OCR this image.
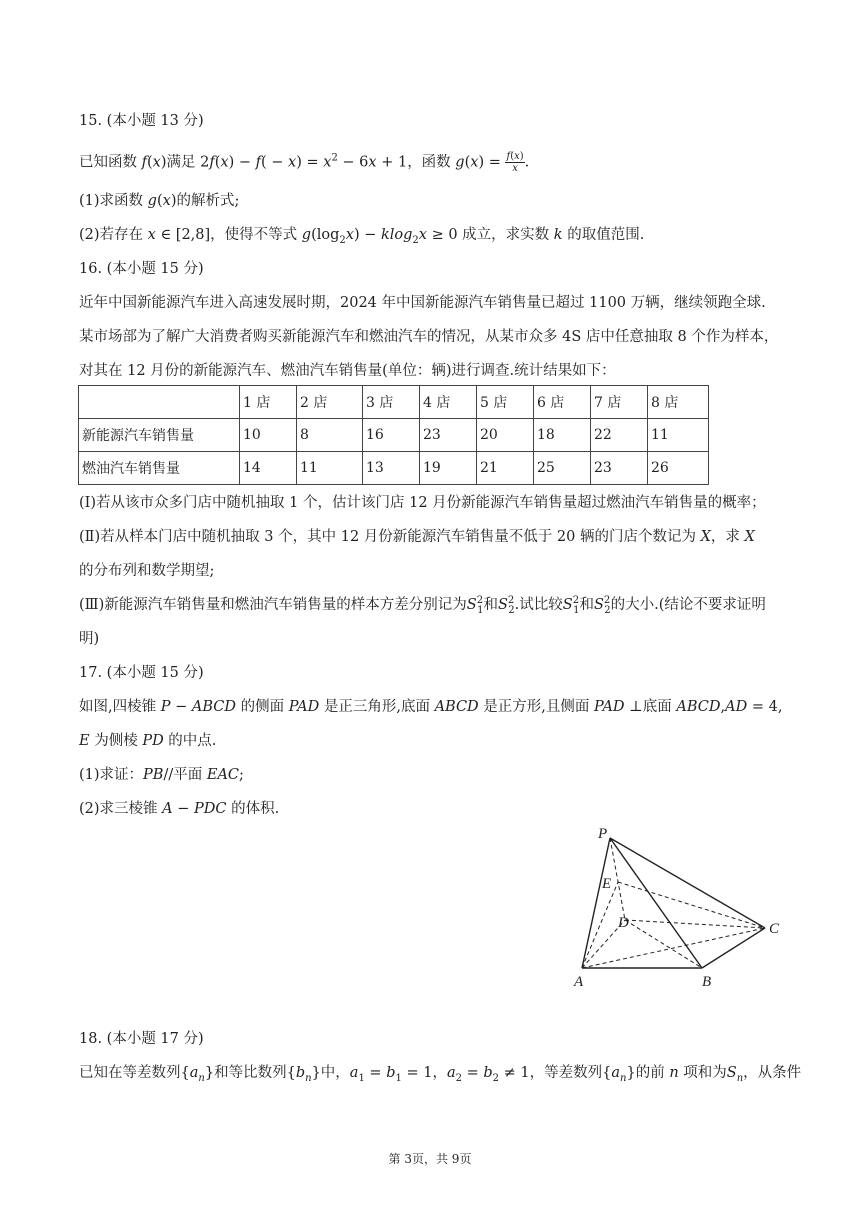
15. (本小题 13 分)
已知函数 f(x)满足 $2f(x) - f( - x) = x^2 - 6x + 1$，函数 $g(x) = \frac{f(x)}{x}$ .
(1)求函数 g(x)的解析式;
(2)若存在 x ∈ [2,8]，使得不等式 $g(\log_2x) - klog_2x \ge 0$ 成立，求实数 k 的取值范围.
16. (本小题 15 分)
近年中国新能源汽车进入高速发展时期，2024 年中国新能源汽车销售量已超过 1100 万辆，继续领跑全球.
某市场部为了解广大消费者购买新能源汽车和燃油汽车的情况，从某市众多 4S 店中任意抽取 8 个作为样本，
对其在 12 月份的新能源汽车、燃油汽车销售量(单位：辆)进行调查.统计结果如下：
	1 店	2 店	3 店	4 店	5 店	6 店	7 店	8 店
新能源汽车销售量	10	8	16	23	20	18	22	11
燃油汽车销售量	14	11	13	19	21	25	23	26
(Ⅰ)若从该市众多门店中随机抽取 1 个，估计该门店 12 月份新能源汽车销售量超过燃油汽车销售量的概率；
(Ⅱ)若从样本门店中随机抽取 3 个，其中 12 月份新能源汽车销售量不低于 20 辆的门店个数记为 X，求 X
的分布列和数学期望;
(Ⅲ)新能源汽车销售量和燃油汽车销售量的样本方差分别记为$S^2_1$和$S^2_2$.试比较$S^2_1$和$S^2_2$的大小.(结论不要求证明
明)
17. (本小题 15 分)
如图,四棱锥 P − ABCD 的侧面 PAD 是正三角形,底面 ABCD 是正方形,且侧面 PAD ⊥底面 ABCD,AD = 4,
E 为侧棱 PD 的中点.
(1)求证：PB//平面 EAC;
(2)求三棱锥 A − PDC 的体积.
P
E
D	C
A	B
18. (本小题 17 分)
已知在等差数列$\{a_n\}$和等比数列$\{b_n\}$中，$a_1 = b_1 = 1$，$a_2 = b_2 \ne 1$，等差数列$\{a_n\}$的前 n 项和为$S_n$，从条件
第 3页，共 9页
